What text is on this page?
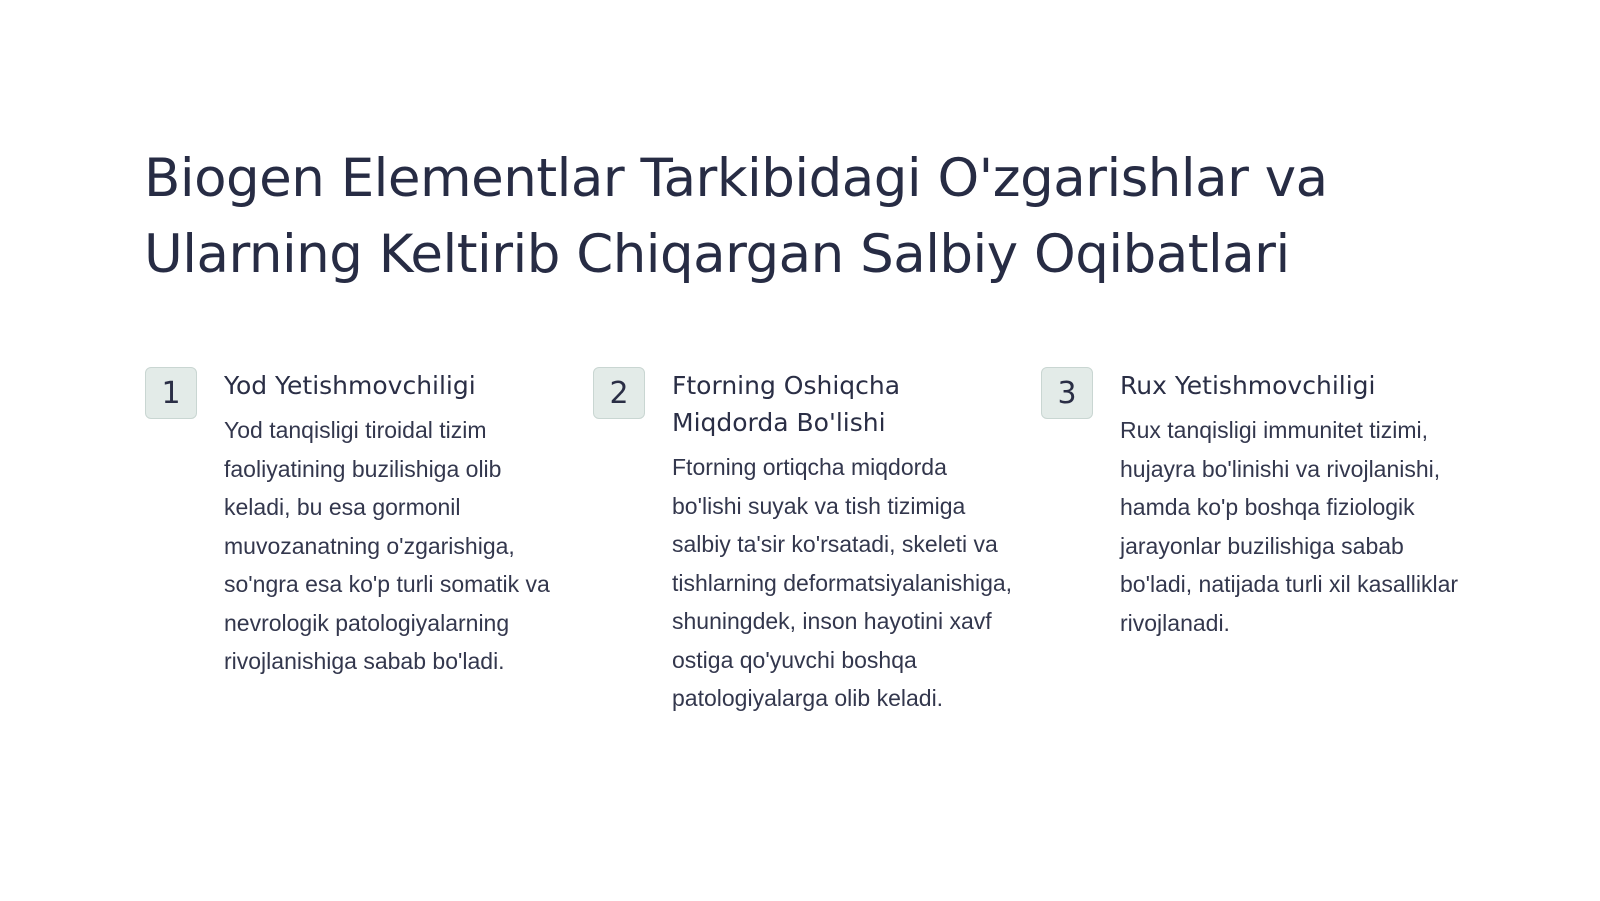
Biogen Elementlar Tarkibidagi O'zgarishlar va Ularning Keltirib Chiqargan Salbiy Oqibatlari
1	Yod Yetishmovchiligi

Yod tanqisligi tiroidal tizim faoliyatining buzilishiga olib keladi, bu esa gormonil muvozanatning o'zgarishiga, so'ngra esa ko'p turli somatik va nevrologik patologiyalarning rivojlanishiga sabab bo'ladi.

2	Ftorning Oshiqcha Miqdorda Bo'lishi

Ftorning ortiqcha miqdorda bo'lishi suyak va tish tizimiga salbiy ta'sir ko'rsatadi, skeleti va tishlarning deformatsiyalanishiga, shuningdek, inson hayotini xavf ostiga qo'yuvchi boshqa patologiyalarga olib keladi.

3	Rux Yetishmovchiligi

Rux tanqisligi immunitet tizimi, hujayra bo'linishi va rivojlanishi, hamda ko'p boshqa fiziologik jarayonlar buzilishiga sabab bo'ladi, natijada turli xil kasalliklar rivojlanadi.
